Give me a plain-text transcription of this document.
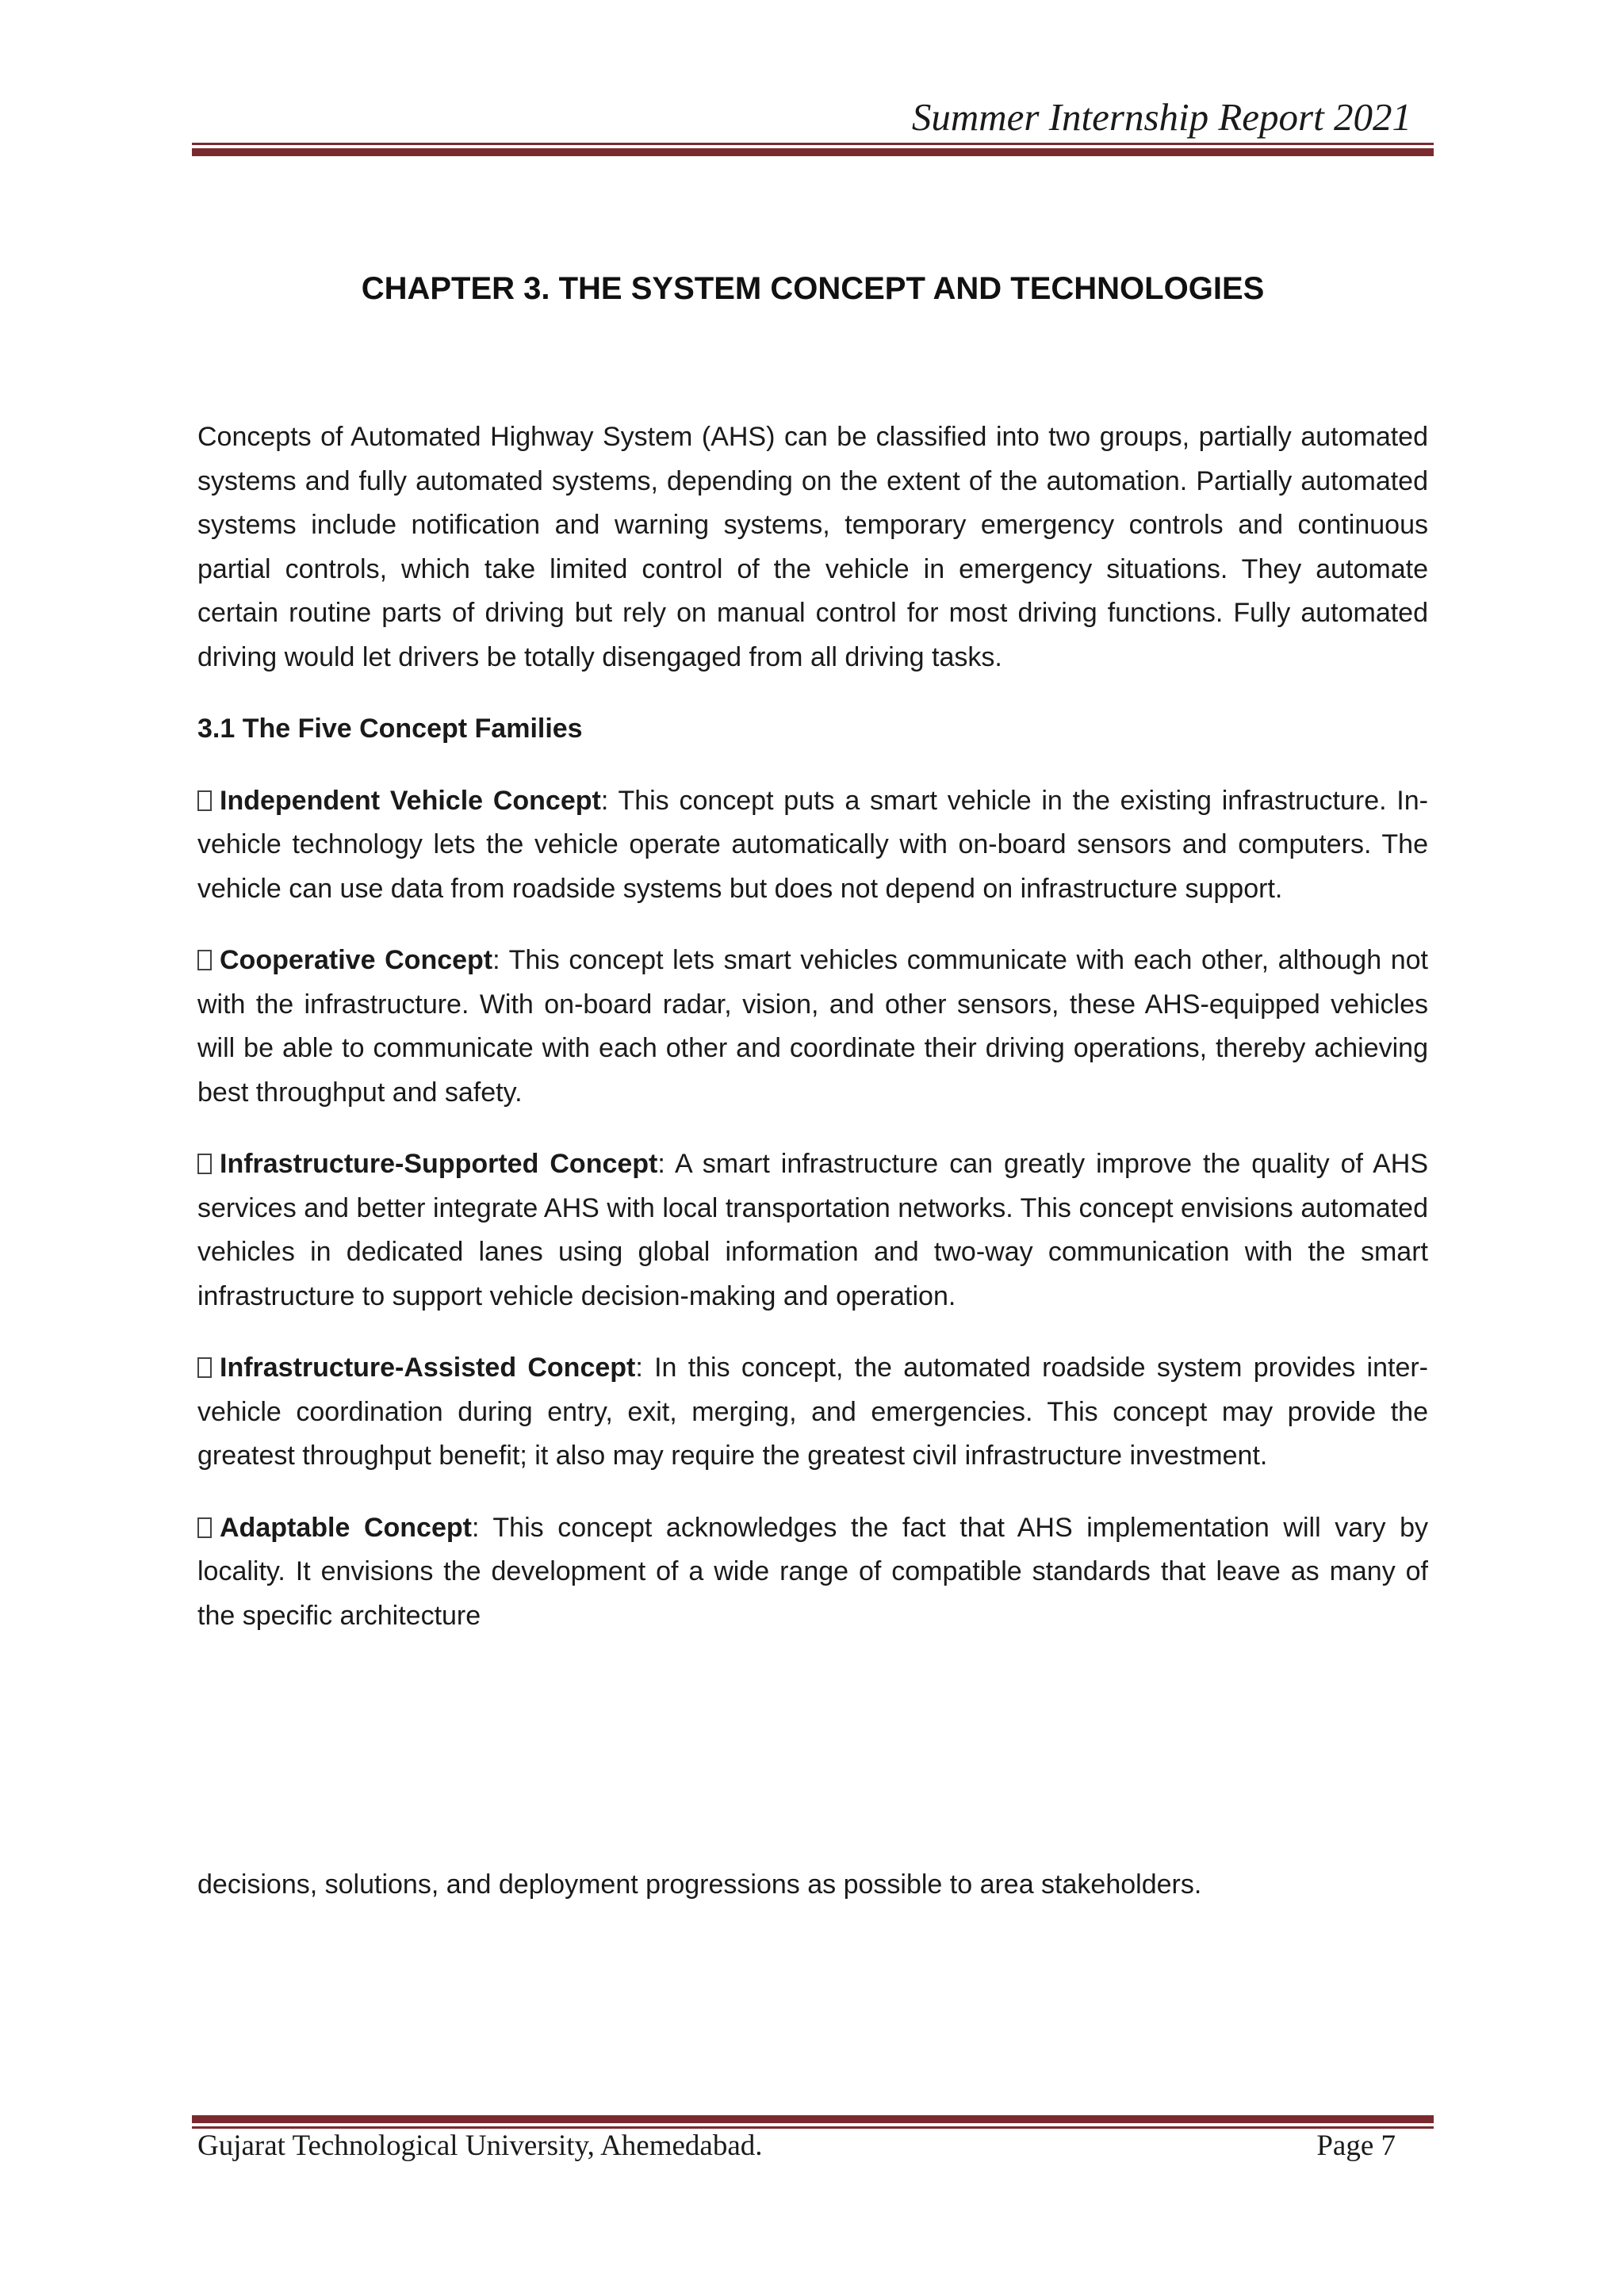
Summer Internship Report 2021
CHAPTER 3. THE SYSTEM CONCEPT AND TECHNOLOGIES

Concepts of Automated Highway System (AHS) can be classified into two groups, partially automated systems and fully automated systems, depending on the extent of the automation. Partially automated systems include notification and warning systems, temporary emergency controls and continuous partial controls, which take limited control of the vehicle in emergency situations. They automate certain routine parts of driving but rely on manual control for most driving functions. Fully automated driving would let drivers be totally disengaged from all driving tasks.

3.1 The Five Concept Families

Independent Vehicle Concept: This concept puts a smart vehicle in the existing infrastructure. In-vehicle technology lets the vehicle operate automatically with on-board sensors and computers. The vehicle can use data from roadside systems but does not depend on infrastructure support.

Cooperative Concept: This concept lets smart vehicles communicate with each other, although not with the infrastructure. With on-board radar, vision, and other sensors, these AHS-equipped vehicles will be able to communicate with each other and coordinate their driving operations, thereby achieving best throughput and safety.

Infrastructure-Supported Concept: A smart infrastructure can greatly improve the quality of AHS services and better integrate AHS with local transportation networks. This concept envisions automated vehicles in dedicated lanes using global information and two-way communication with the smart infrastructure to support vehicle decision-making and operation.

Infrastructure-Assisted Concept: In this concept, the automated roadside system provides inter-vehicle coordination during entry, exit, merging, and emergencies. This concept may provide the greatest throughput benefit; it also may require the greatest civil infrastructure investment.

Adaptable Concept: This concept acknowledges the fact that AHS implementation will vary by locality. It envisions the development of a wide range of compatible standards that leave as many of the specific architecture

decisions, solutions, and deployment progressions as possible to area stakeholders.
Gujarat Technological University, Ahemedabad.	Page 7
